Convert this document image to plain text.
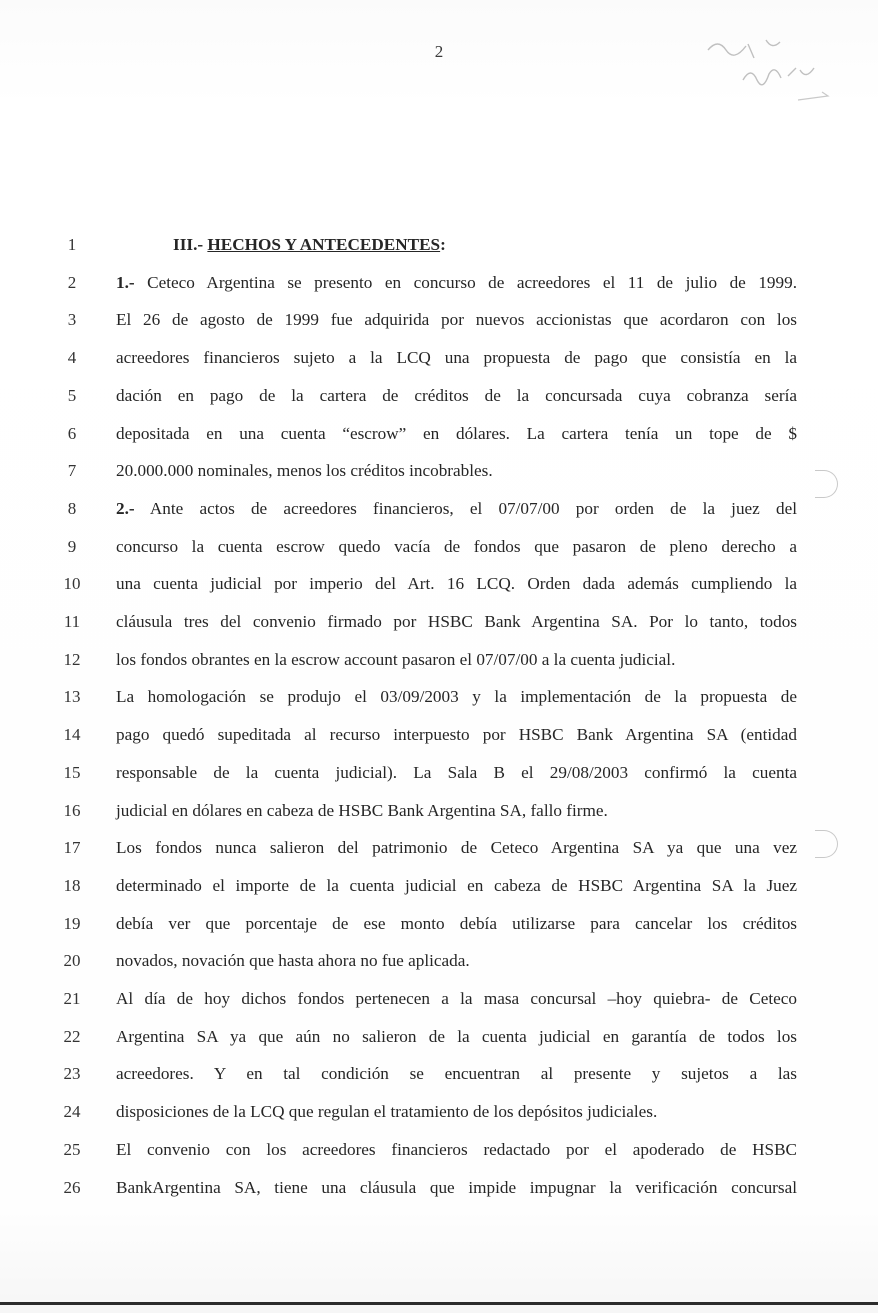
2
1	III.- HECHOS Y ANTECEDENTES:
2	1.- Ceteco Argentina se presento en concurso de acreedores el 11 de julio de 1999.
3	El 26 de agosto de 1999 fue adquirida por nuevos accionistas que acordaron con los
4	acreedores financieros sujeto a la LCQ una propuesta de pago que consistía en la
5	dación en pago de la cartera de créditos de la concursada cuya cobranza sería
6	depositada en una cuenta “escrow” en dólares. La cartera tenía un tope de $
7	20.000.000 nominales, menos los créditos incobrables.
8	2.- Ante actos de acreedores financieros, el 07/07/00 por orden de la juez del
9	concurso la cuenta escrow quedo vacía de fondos que pasaron de pleno derecho a
10	una cuenta judicial por imperio del Art. 16 LCQ. Orden dada además cumpliendo la
11	cláusula tres del convenio firmado por HSBC Bank Argentina SA. Por lo tanto, todos
12	los fondos obrantes en la escrow account pasaron el 07/07/00 a la cuenta judicial.
13	La homologación se produjo el 03/09/2003 y la implementación de la propuesta de
14	pago quedó supeditada al recurso interpuesto por HSBC Bank Argentina SA (entidad
15	responsable de la cuenta judicial). La Sala B el 29/08/2003 confirmó la cuenta
16	judicial en dólares en cabeza de HSBC Bank Argentina SA, fallo firme.
17	Los fondos nunca salieron del patrimonio de Ceteco Argentina SA ya que una vez
18	determinado el importe de la cuenta judicial en cabeza de HSBC Argentina SA la Juez
19	debía ver que porcentaje de ese monto debía utilizarse para cancelar los créditos
20	novados, novación que hasta ahora no fue aplicada.
21	Al día de hoy dichos fondos pertenecen a la masa concursal –hoy quiebra- de Ceteco
22	Argentina SA ya que aún no salieron de la cuenta judicial en garantía de todos los
23	acreedores. Y en tal condición se encuentran al presente y sujetos a las
24	disposiciones de la LCQ que regulan el tratamiento de los depósitos judiciales.
25	El convenio con los acreedores financieros redactado por el apoderado de HSBC
26	BankArgentina SA, tiene una cláusula que impide impugnar la verificación concursal
